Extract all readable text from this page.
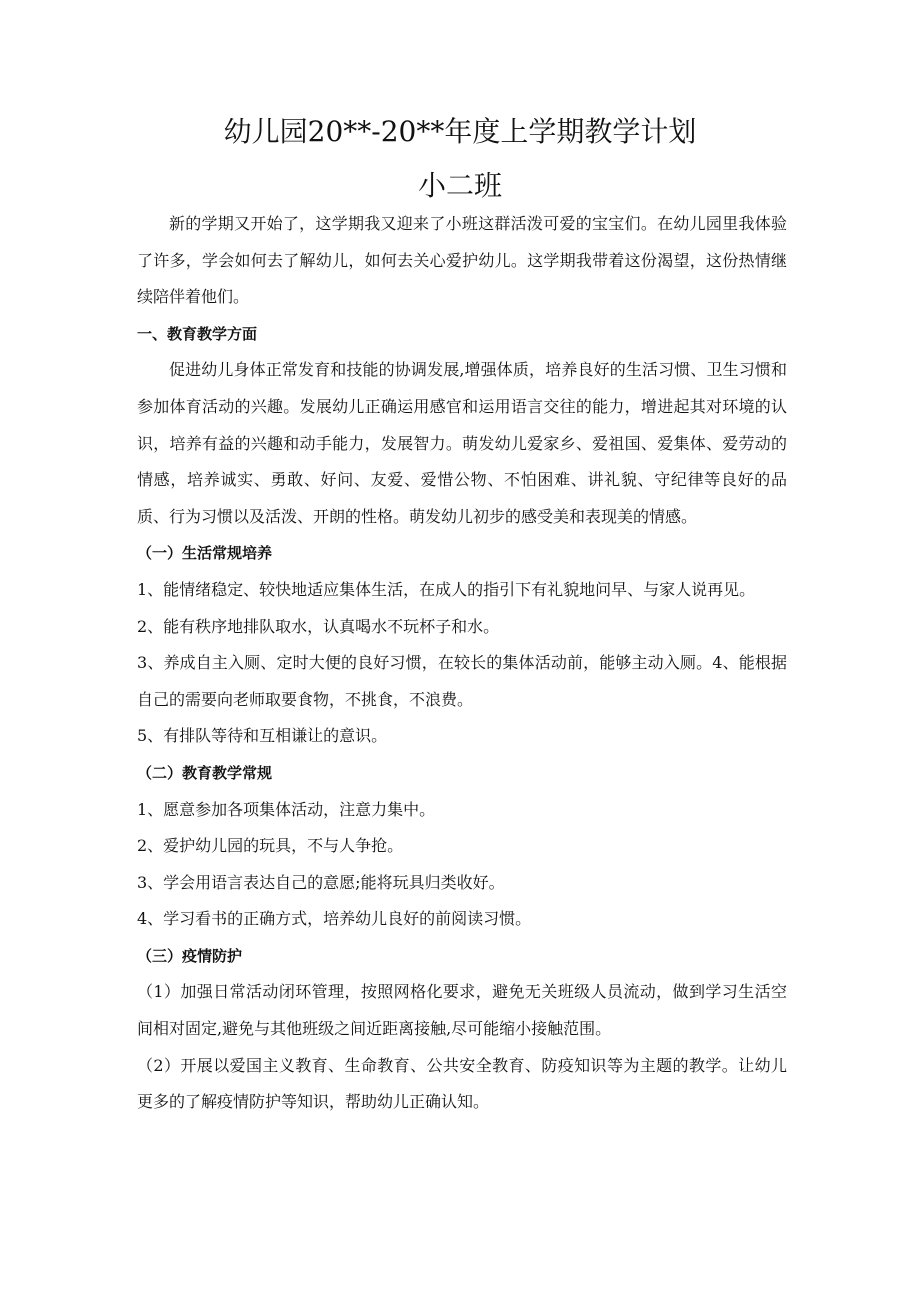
幼儿园20**-20**年度上学期教学计划
小二班

新的学期又开始了，这学期我又迎来了小班这群活泼可爱的宝宝们。在幼儿园里我体验了许多，学会如何去了解幼儿，如何去关心爱护幼儿。这学期我带着这份渴望，这份热情继续陪伴着他们。

一、教育教学方面

促进幼儿身体正常发育和技能的协调发展,增强体质，培养良好的生活习惯、卫生习惯和参加体育活动的兴趣。发展幼儿正确运用感官和运用语言交往的能力，增进起其对环境的认识，培养有益的兴趣和动手能力，发展智力。萌发幼儿爱家乡、爱祖国、爱集体、爱劳动的情感，培养诚实、勇敢、好问、友爱、爱惜公物、不怕困难、讲礼貌、守纪律等良好的品质、行为习惯以及活泼、开朗的性格。萌发幼儿初步的感受美和表现美的情感。

（一）生活常规培养

1、能情绪稳定、较快地适应集体生活，在成人的指引下有礼貌地问早、与家人说再见。

2、能有秩序地排队取水，认真喝水不玩杯子和水。

3、养成自主入厕、定时大便的良好习惯，在较长的集体活动前，能够主动入厕。4、能根据自己的需要向老师取要食物，不挑食，不浪费。

5、有排队等待和互相谦让的意识。

（二）教育教学常规

1、愿意参加各项集体活动，注意力集中。

2、爱护幼儿园的玩具，不与人争抢。

3、学会用语言表达自己的意愿;能将玩具归类收好。

4、学习看书的正确方式，培养幼儿良好的前阅读习惯。

（三）疫情防护

（1）加强日常活动闭环管理，按照网格化要求，避免无关班级人员流动，做到学习生活空间相对固定,避免与其他班级之间近距离接触,尽可能缩小接触范围。

（2）开展以爱国主义教育、生命教育、公共安全教育、防疫知识等为主题的教学。让幼儿更多的了解疫情防护等知识，帮助幼儿正确认知。
